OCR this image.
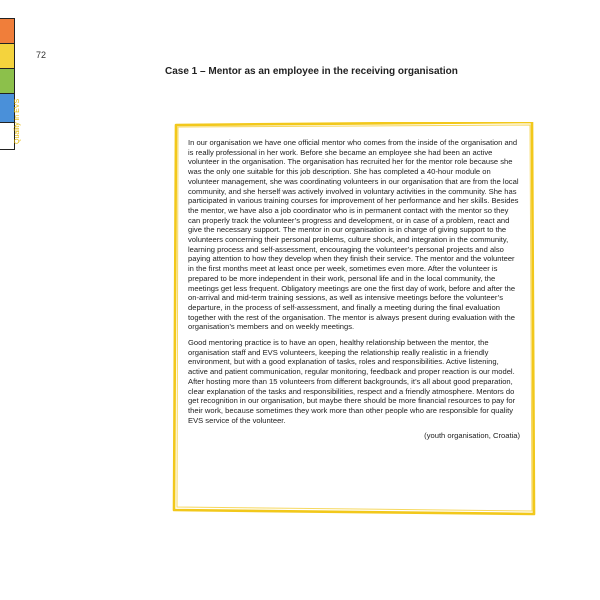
Quality in EVS
72
Case 1 – Mentor as an employee in the receiving organisation

In our organisation we have one official mentor who comes from the inside of the organisation and is really professional in her work. Before she became an employee she had been an active volunteer in the organisation. The organisation has recruited her for the mentor role because she was the only one suitable for this job description. She has completed a 40-hour module on volunteer management, she was coordinating volunteers in our organisation that are from the local community, and she herself was actively involved in voluntary activities in the community. She has participated in various training courses for improvement of her performance and her skills. Besides the mentor, we have also a job coordinator who is in permanent contact with the mentor so they can properly track the volunteer’s progress and development, or in case of a problem, react and give the necessary support. The mentor in our organisation is in charge of giving support to the volunteers concerning their personal problems, culture shock, and integration in the community, learning process and self-assessment, encouraging the volunteer’s personal projects and also paying attention to how they develop when they finish their service. The mentor and the volunteer in the first months meet at least once per week, sometimes even more. After the volunteer is prepared to be more independent in their work, personal life and in the local community, the meetings get less frequent. Obligatory meetings are one the first day of work, before and after the on-arrival and mid-term training sessions, as well as intensive meetings before the volunteer’s departure, in the process of self-assessment, and finally a meeting during the final evaluation together with the rest of the organisation. The mentor is always present during evaluation with the organisation’s members and on weekly meetings.

Good mentoring practice is to have an open, healthy relationship between the mentor, the organisation staff and EVS volunteers, keeping the relationship really realistic in a friendly environment, but with a good explanation of tasks, roles and responsibilities. Active listening, active and patient communication, regular monitoring, feedback and proper reaction is our model. After hosting more than 15 volunteers from different backgrounds, it’s all about good preparation, clear explanation of the tasks and responsibilities, respect and a friendly atmosphere. Mentors do get recognition in our organisation, but maybe there should be more financial resources to pay for their work, because sometimes they work more than other people who are responsible for quality EVS service of the volunteer.

(youth organisation, Croatia)
